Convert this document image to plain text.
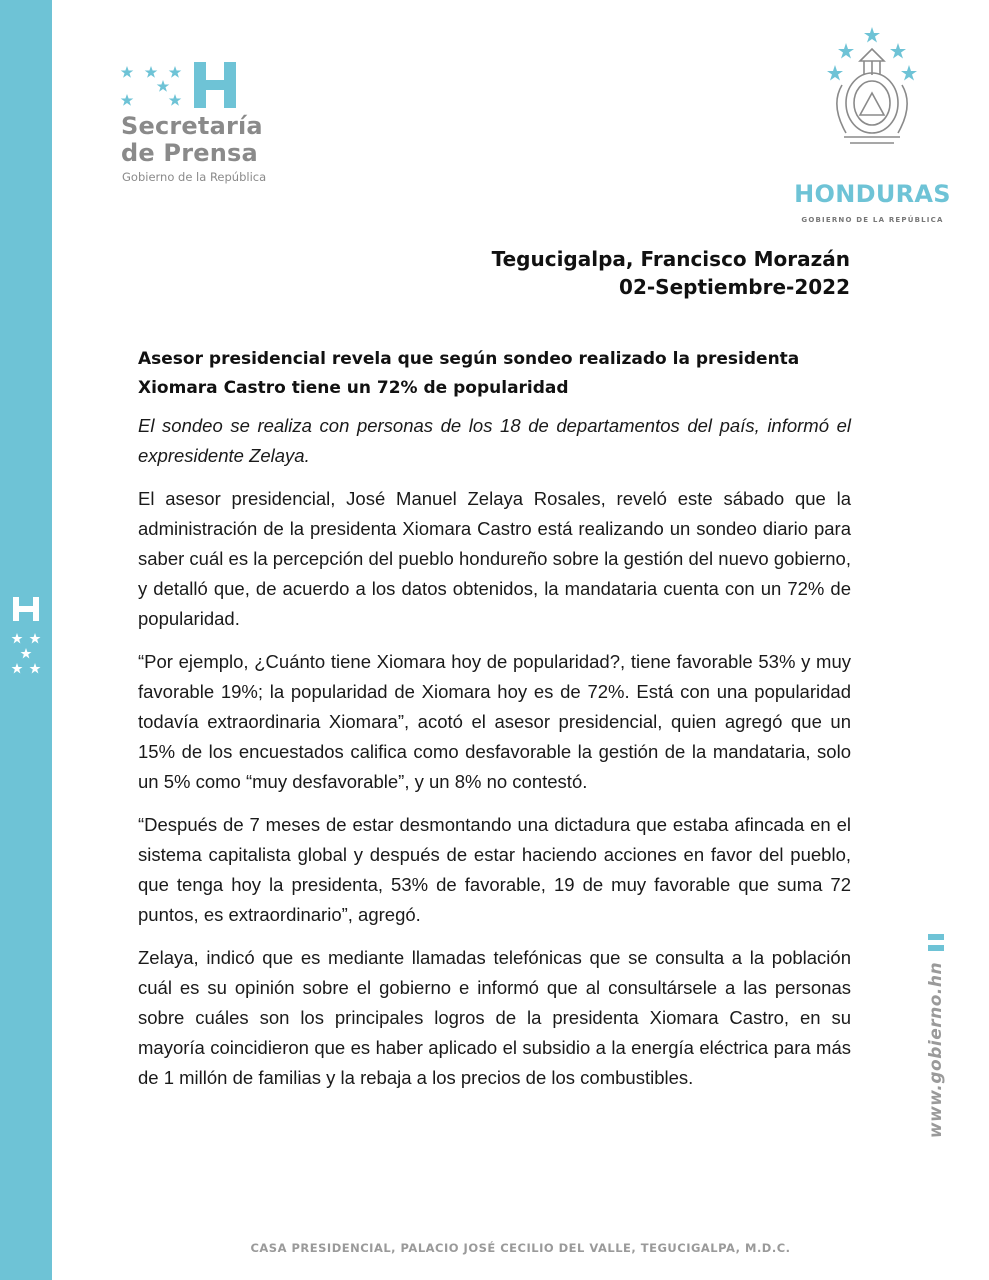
Secretaría
de Prensa
Gobierno de la República
HONDURAS
GOBIERNO DE LA REPÚBLICA
Tegucigalpa, Francisco Morazán
02-Septiembre-2022
Asesor presidencial revela que según sondeo realizado la presidenta Xiomara Castro tiene un 72% de popularidad

El sondeo se realiza con personas de los 18 de departamentos del país, informó el expresidente Zelaya.

El asesor presidencial, José Manuel Zelaya Rosales, reveló este sábado que la administración de la presidenta Xiomara Castro está realizando un sondeo diario para saber cuál es la percepción del pueblo hondureño sobre la gestión del nuevo gobierno, y detalló que, de acuerdo a los datos obtenidos, la mandataria cuenta con un 72% de popularidad.

“Por ejemplo, ¿Cuánto tiene Xiomara hoy de popularidad?, tiene favorable 53% y muy favorable 19%; la popularidad de Xiomara hoy es de 72%. Está con una popularidad todavía extraordinaria Xiomara”, acotó el asesor presidencial, quien agregó que un 15% de los encuestados califica como desfavorable la gestión de la mandataria, solo un 5% como “muy desfavorable”, y un 8% no contestó.

“Después de 7 meses de estar desmontando una dictadura que estaba afincada en el sistema capitalista global y después de estar haciendo acciones en favor del pueblo, que tenga hoy la presidenta, 53% de favorable, 19 de muy favorable que suma 72 puntos, es extraordinario”, agregó.

Zelaya, indicó que es mediante llamadas telefónicas que se consulta a la población cuál es su opinión sobre el gobierno e informó que al consultársele a las personas sobre cuáles son los principales logros de la presidenta Xiomara Castro, en su mayoría coincidieron que es haber aplicado el subsidio a la energía eléctrica para más de 1 millón de familias y la rebaja a los precios de los combustibles.	www.gobierno.hn
CASA PRESIDENCIAL, PALACIO JOSÉ CECILIO DEL VALLE, TEGUCIGALPA, M.D.C.
